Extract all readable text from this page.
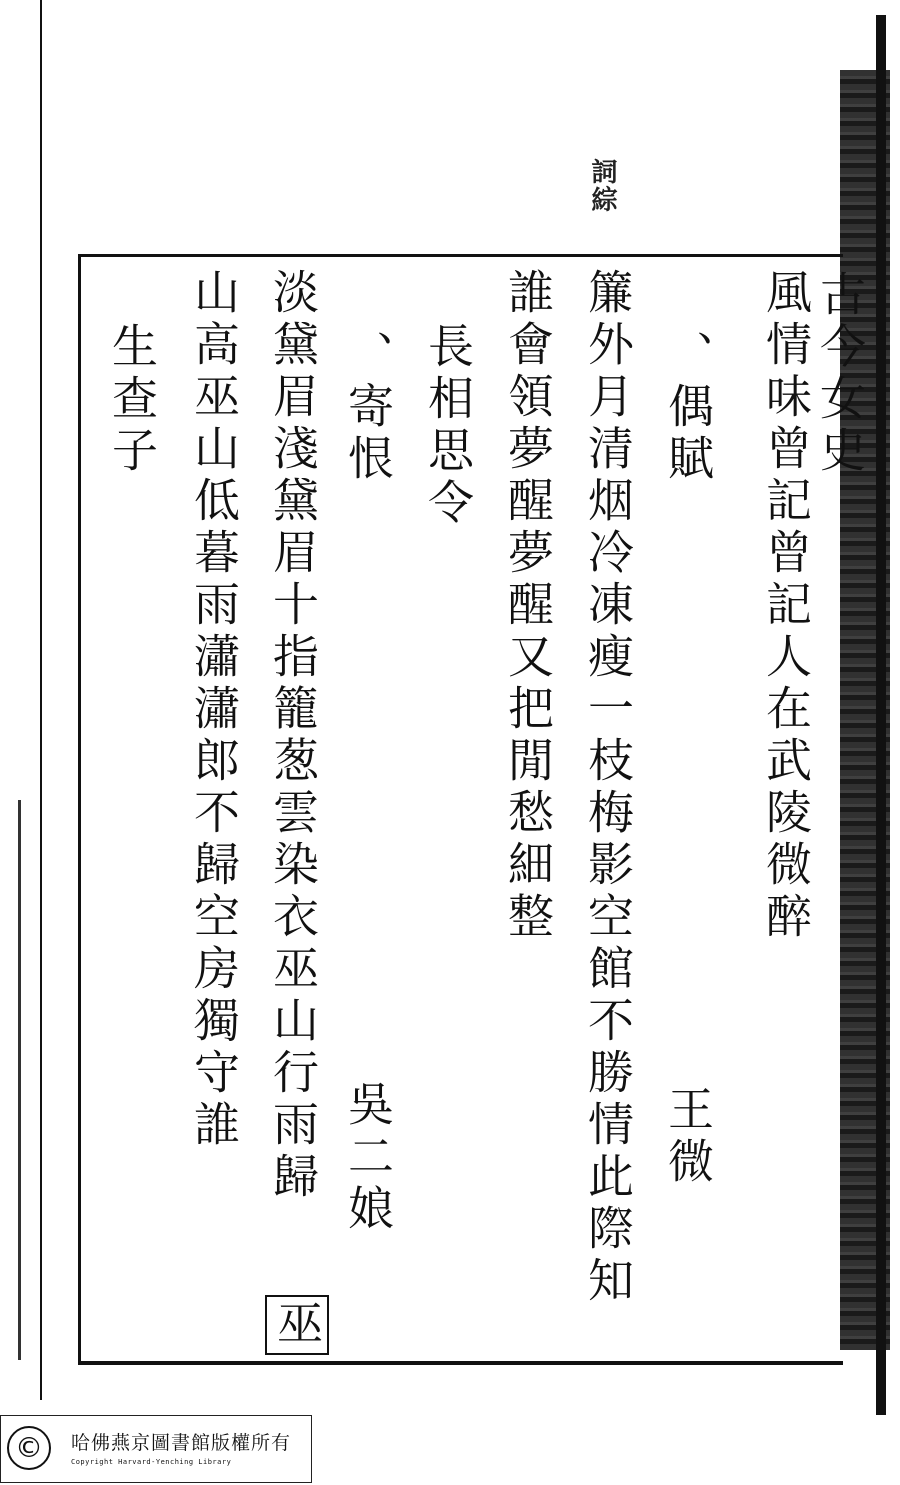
詞綜
古今女史
風情味曾記曾記人在武陵微醉
、偶賦
簾外月清烟冷凍瘦一枝梅影空館不勝情此際知
誰會領夢醒夢醒又把閒愁細整
長相思令
、寄恨
淡黛眉淺黛眉十指籠葱雲染衣巫山行雨歸
山高巫山低暮雨瀟瀟郎不歸空房獨守誰
生查子
王微
吳二娘
巫
©	哈佛燕京圖書館版權所有
Copyright Harvard-Yenching Library
